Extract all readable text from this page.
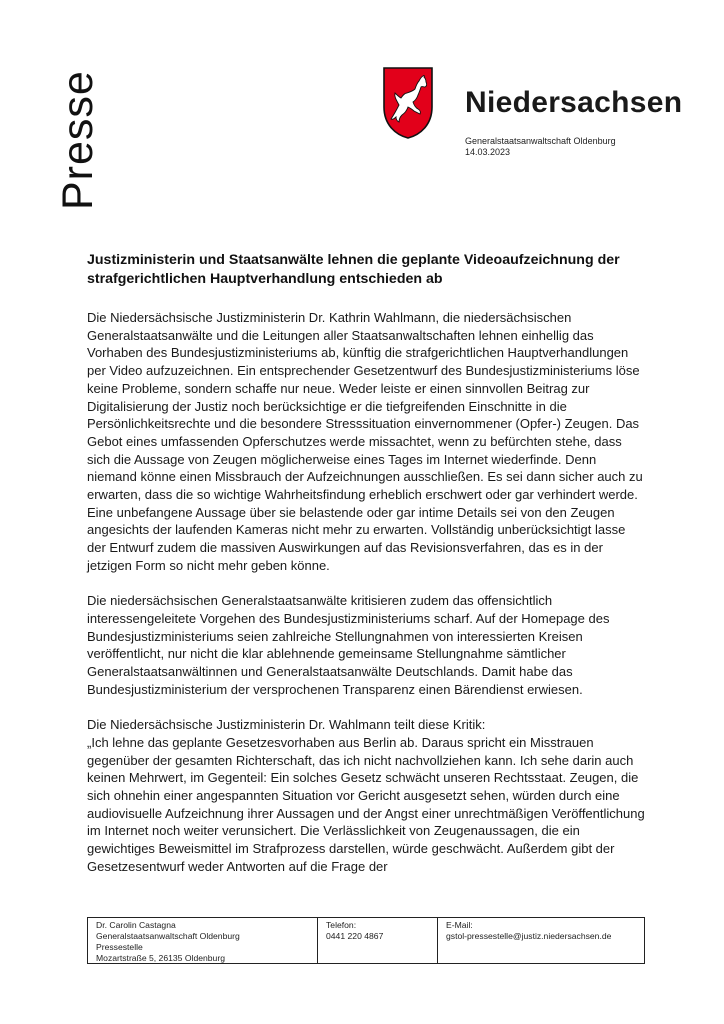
Presse	Niedersachsen
Generalstaatsanwaltschaft Oldenburg
14.03.2023
Justizministerin und Staatsanwälte lehnen die geplante Videoaufzeichnung der strafgerichtlichen Hauptverhandlung entschieden ab

Die Niedersächsische Justizministerin Dr. Kathrin Wahlmann, die niedersächsischen Generalstaatsanwälte und die Leitungen aller Staatsanwaltschaften lehnen einhellig das Vorhaben des Bundesjustizministeriums ab, künftig die strafgerichtlichen Hauptverhandlungen per Video aufzuzeichnen. Ein entsprechender Gesetzentwurf des Bundesjustizministeriums löse keine Probleme, sondern schaffe nur neue. Weder leiste er einen sinnvollen Beitrag zur Digitalisierung der Justiz noch berücksichtige er die tiefgreifenden Einschnitte in die Persönlichkeitsrechte und die besondere Stresssituation einvernommener (Opfer-) Zeugen. Das Gebot eines umfassenden Opferschutzes werde missachtet, wenn zu befürchten stehe, dass sich die Aussage von Zeugen möglicherweise eines Tages im Internet wiederfinde. Denn niemand könne einen Missbrauch der Aufzeichnungen ausschließen. Es sei dann sicher auch zu erwarten, dass die so wichtige Wahrheitsfindung erheblich erschwert oder gar verhindert werde. Eine unbefangene Aussage über sie belastende oder gar intime Details sei von den Zeugen angesichts der laufenden Kameras nicht mehr zu erwarten. Vollständig unberücksichtigt lasse der Entwurf zudem die massiven Auswirkungen auf das Revisionsverfahren, das es in der jetzigen Form so nicht mehr geben könne.

Die niedersächsischen Generalstaatsanwälte kritisieren zudem das offensichtlich interessengeleitete Vorgehen des Bundesjustizministeriums scharf. Auf der Homepage des Bundesjustizministeriums seien zahlreiche Stellungnahmen von interessierten Kreisen veröffentlicht, nur nicht die klar ablehnende gemeinsame Stellungnahme sämtlicher Generalstaatsanwältinnen und Generalstaatsanwälte Deutschlands. Damit habe das Bundesjustizministerium der versprochenen Transparenz einen Bärendienst erwiesen.

Die Niedersächsische Justizministerin Dr. Wahlmann teilt diese Kritik:

„Ich lehne das geplante Gesetzesvorhaben aus Berlin ab. Daraus spricht ein Misstrauen gegenüber der gesamten Richterschaft, das ich nicht nachvollziehen kann. Ich sehe darin auch keinen Mehrwert, im Gegenteil: Ein solches Gesetz schwächt unseren Rechtsstaat. Zeugen, die sich ohnehin einer angespannten Situation vor Gericht ausgesetzt sehen, würden durch eine audiovisuelle Aufzeichnung ihrer Aussagen und der Angst einer unrechtmäßigen Veröffentlichung im Internet noch weiter verunsichert. Die Verlässlichkeit von Zeugenaussagen, die ein gewichtiges Beweismittel im Strafprozess darstellen, würde geschwächt. Außerdem gibt der Gesetzesentwurf weder Antworten auf die Frage der

Dr. Carolin Castagna
Generalstaatsanwaltschaft Oldenburg
Pressestelle
Mozartstraße 5, 26135 Oldenburg
Telefon:
0441 220 4867
E-Mail:
gstol-pressestelle@justiz.niedersachsen.de
